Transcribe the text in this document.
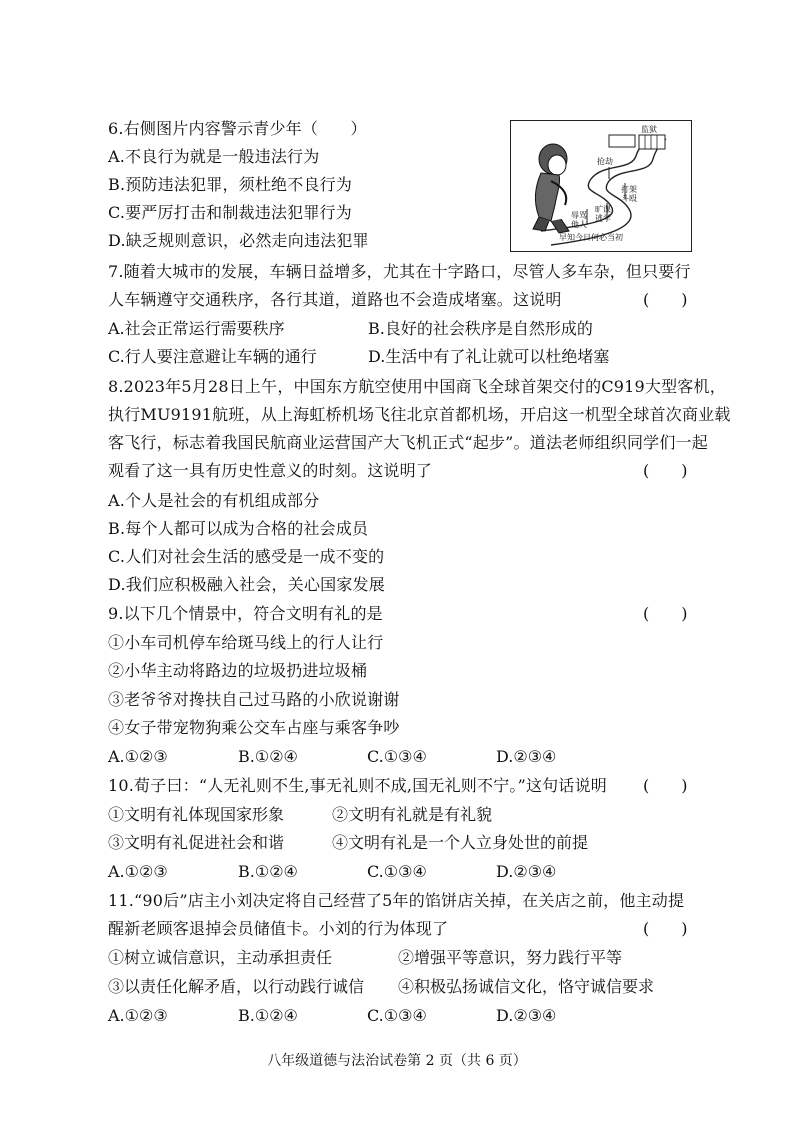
6.右侧图片内容警示青少年（　　）
A.不良行为就是一般违法行为
B.预防违法犯罪，须杜绝不良行为
C.要严厉打击和制裁违法犯罪行为
D.缺乏规则意识，必然走向违法犯罪
监狱
抢劫
打架斗殴
旷课逃学
辱骂他人
早知今日何必当初
7.随着大城市的发展，车辆日益增多，尤其在十字路口，尽管人多车杂，但只要行
人车辆遵守交通秩序，各行其道，道路也不会造成堵塞。这说明	(　　)
A.社会正常运行需要秩序	B.良好的社会秩序是自然形成的
C.行人要注意避让车辆的通行	D.生活中有了礼让就可以杜绝堵塞
8.2023年5月28日上午，中国东方航空使用中国商飞全球首架交付的C919大型客机，
执行MU9191航班，从上海虹桥机场飞往北京首都机场，开启这一机型全球首次商业载
客飞行，标志着我国民航商业运营国产大飞机正式“起步”。道法老师组织同学们一起
观看了这一具有历史性意义的时刻。这说明了	(　　)
A.个人是社会的有机组成部分
B.每个人都可以成为合格的社会成员
C.人们对社会生活的感受是一成不变的
D.我们应积极融入社会，关心国家发展
9.以下几个情景中，符合文明有礼的是	(　　)
①小车司机停车给斑马线上的行人让行
②小华主动将路边的垃圾扔进垃圾桶
③老爷爷对搀扶自己过马路的小欣说谢谢
④女子带宠物狗乘公交车占座与乘客争吵
A.①②③	B.①②④	C.①③④	D.②③④
10.荀子曰：“人无礼则不生,事无礼则不成,国无礼则不宁。”这句话说明 (　　)
①文明有礼体现国家形象	②文明有礼就是有礼貌
③文明有礼促进社会和谐	④文明有礼是一个人立身处世的前提
A.①②③	B.①②④	C.①③④	D.②③④
11.“90后”店主小刘决定将自己经营了5年的馅饼店关掉，在关店之前，他主动提
醒新老顾客退掉会员储值卡。小刘的行为体现了	(　　)
①树立诚信意识，主动承担责任	②增强平等意识，努力践行平等
③以责任化解矛盾，以行动践行诚信 ④积极弘扬诚信文化，恪守诚信要求
A.①②③	B.①②④	C.①③④	D.②③④
八年级道德与法治试卷第 2 页（共 6 页）
